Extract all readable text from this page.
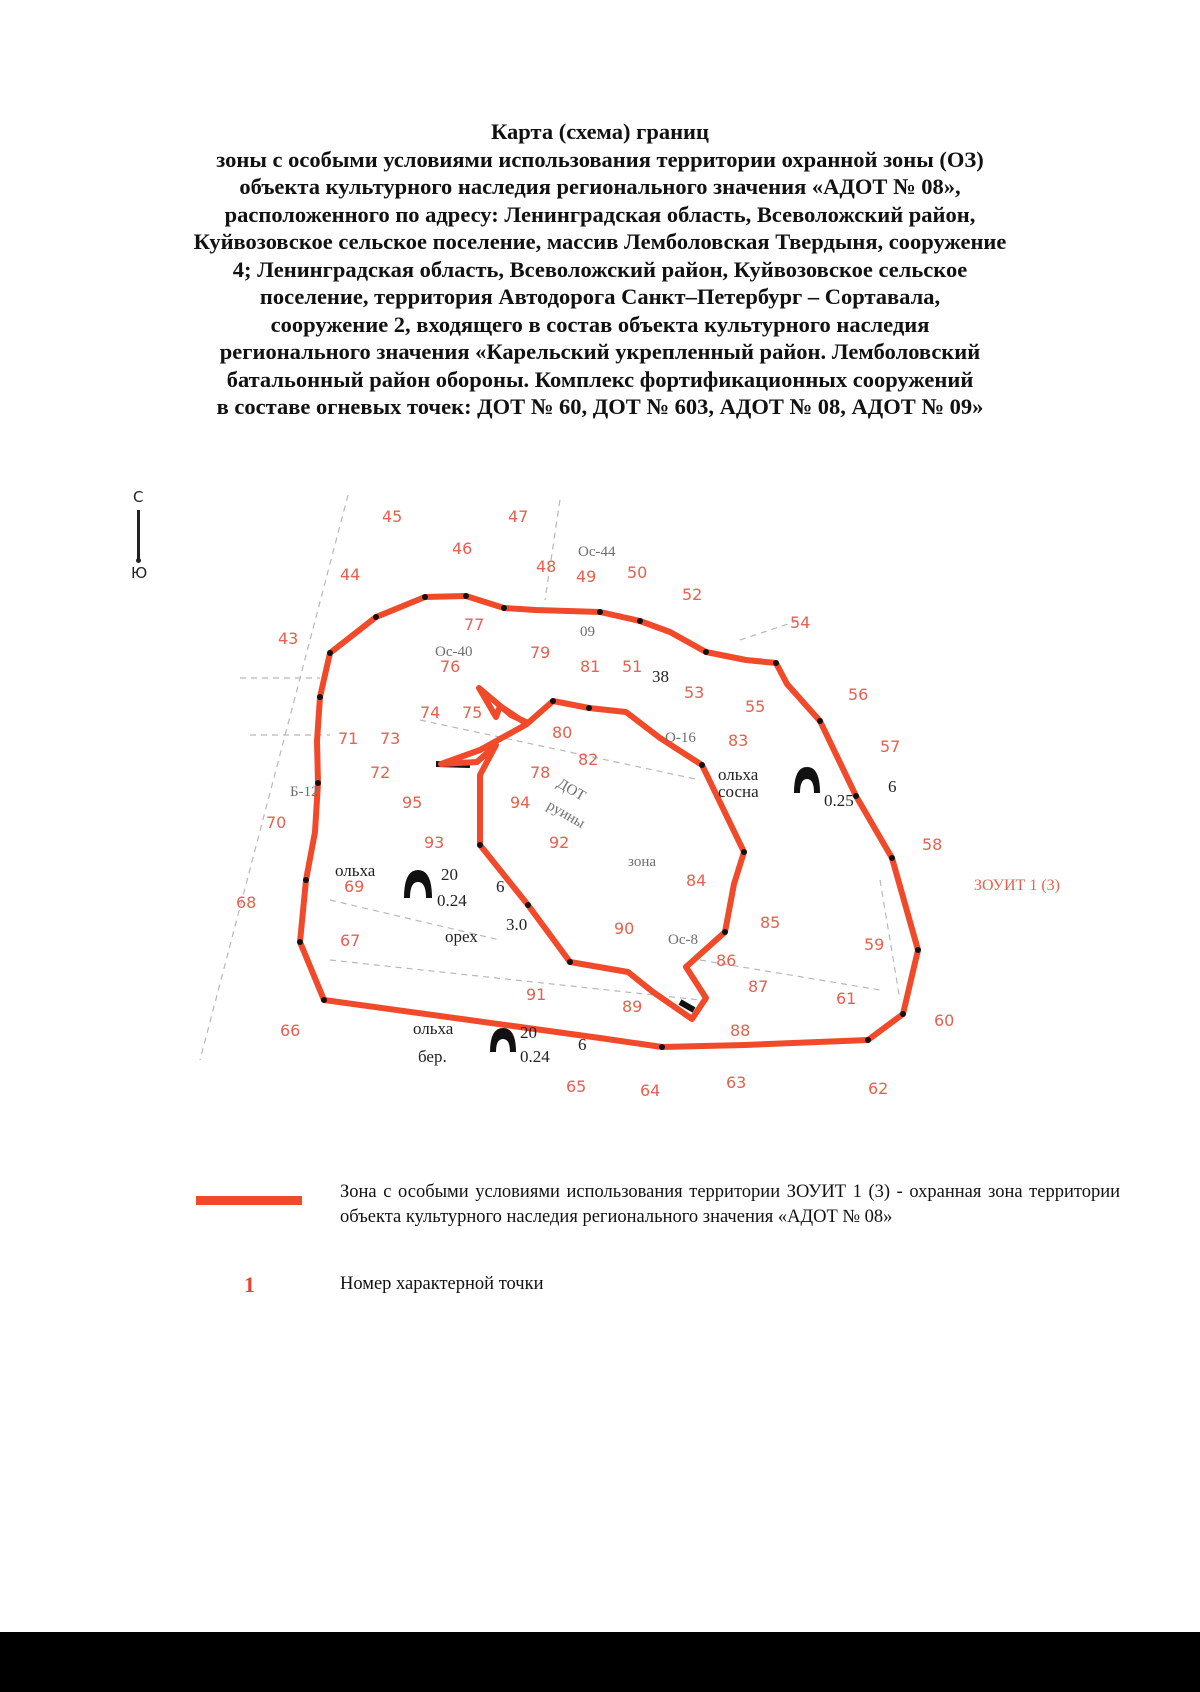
Карта (схема) границ
зоны с особыми условиями использования территории охранной зоны (ОЗ)
объекта культурного наследия регионального значения «АДОТ № 08»,
расположенного по адресу: Ленинградская область, Всеволожский район,
Куйвозовское сельское поселение, массив Лемболовская Твердыня, сооружение
4; Ленинградская область, Всеволожский район, Куйвозовское сельское
поселение, территория Автодорога Санкт–Петербург – Сортавала,
сооружение 2, входящего в состав объекта культурного наследия
регионального значения «Карельский укрепленный район. Лемболовский
батальонный район обороны. Комплекс фортификационных сооружений
в составе огневых точек: ДОТ № 60, ДОТ № 603, АДОТ № 08, АДОТ № 09»
С
Ю
Ос-44
Ос-40
09
О-16
ДОТ
руины
зона
ольха
ольха
сосна
ольха
бер.
орех
20
0.24
6
20
0.24
6
6
0.25
3.0
38
Ос-8
Б-12
ЗОУИТ 1 (3)
45	47
46
44	48
49 50
52
54
43
77
79
76	81 51
53
55
56
75
74
73
71	80	83	57
72
82
78
94
95
70
93	92	58
69	84
68
67
90	85
86
59
91	87
89
88
61
60
66
65	64	63	62
Зона с особыми условиями использования территории ЗОУИТ 1 (3) - охранная зона территории объекта культурного наследия регионального значения «АДОТ № 08»
1	Номер характерной точки
